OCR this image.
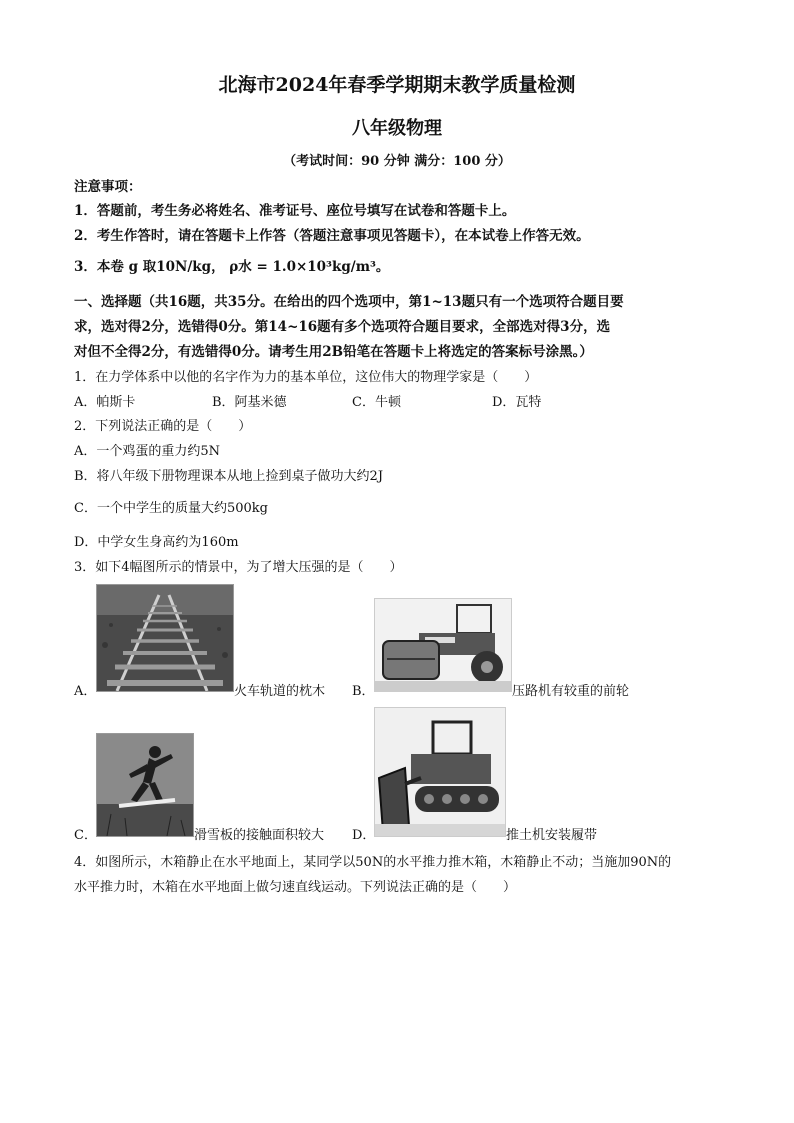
北海市2024年春季学期期末教学质量检测
八年级物理
（考试时间：90 分钟 满分：100 分）
注意事项：
1．答题前，考生务必将姓名、准考证号、座位号填写在试卷和答题卡上。
2．考生作答时，请在答题卡上作答（答题注意事项见答题卡），在本试卷上作答无效。
3．本卷 g 取10N/kg， ρ水 = 1.0×10³kg/m³。
一、选择题（共16题，共35分。在给出的四个选项中，第1~13题只有一个选项符合题目要
求，选对得2分，选错得0分。第14~16题有多个选项符合题目要求，全部选对得3分，选
对但不全得2分，有选错得0分。请考生用2B铅笔在答题卡上将选定的答案标号涂黑。）
1．在力学体系中以他的名字作为力的基本单位，这位伟大的物理学家是（　　）
A．帕斯卡	B．阿基米德	C．牛顿	D．瓦特
2．下列说法正确的是（　　）
A．一个鸡蛋的重力约5N
B．将八年级下册物理课本从地上捡到桌子做功大约2J
C．一个中学生的质量大约500kg
D．中学女生身高约为160m
3．如下4幅图所示的情景中，为了增大压强的是（　　）
A．	火车轨道的枕木 B．	压路机有较重的前轮
C．	滑雪板的接触面积较大 D．	推土机安装履带
4．如图所示，木箱静止在水平地面上，某同学以50N的水平推力推木箱，木箱静止不动；当施加90N的
水平推力时，木箱在水平地面上做匀速直线运动。下列说法正确的是（　　）
